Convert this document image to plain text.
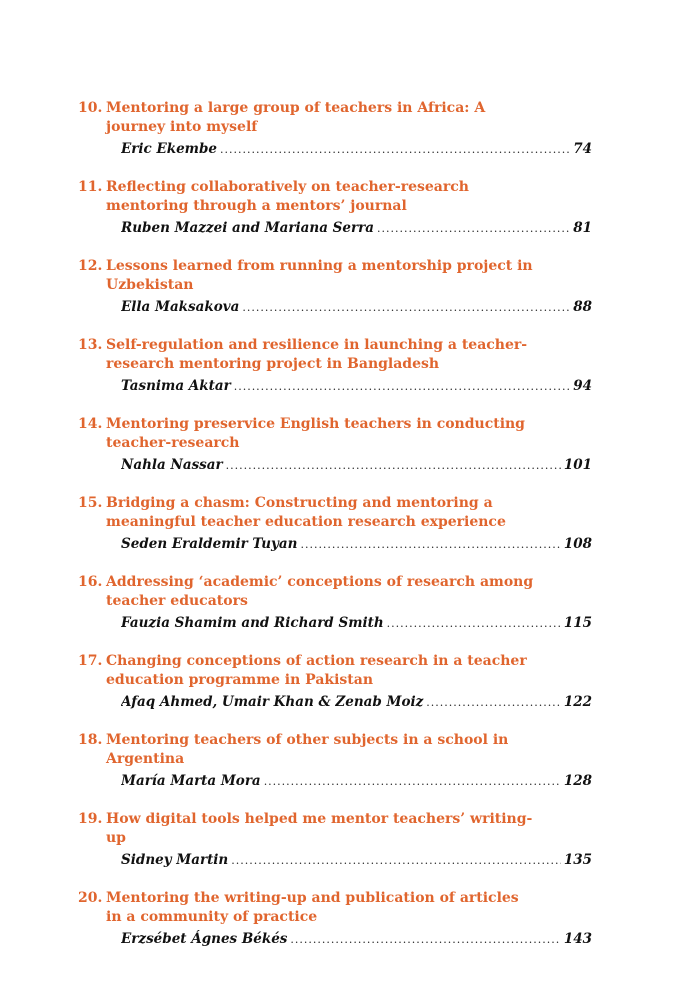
10. Mentoring a large group of teachers in Africa: A journey into myself
Eric Ekembe .....	74
11. Reflecting collaboratively on teacher-research mentoring through a mentors’ journal
Ruben Mazzei and Mariana Serra .....	81
12. Lessons learned from running a mentorship project in Uzbekistan
Ella Maksakova .....	88
13. Self-regulation and resilience in launching a teacher-research mentoring project in Bangladesh
Tasnima Aktar .....	94
14. Mentoring preservice English teachers in conducting teacher-research
Nahla Nassar .....	101
15. Bridging a chasm: Constructing and mentoring a meaningful teacher education research experience
Seden Eraldemir Tuyan .....	108
16. Addressing ‘academic’ conceptions of research among teacher educators
Fauzia Shamim and Richard Smith .....	115
17. Changing conceptions of action research in a teacher education programme in Pakistan
Afaq Ahmed, Umair Khan & Zenab Moiz .....	122
18. Mentoring teachers of other subjects in a school in Argentina
María Marta Mora .....	128
19. How digital tools helped me mentor teachers’ writing-up
Sidney Martin .....	135
20. Mentoring the writing-up and publication of articles in a community of practice
Erzsébet Ágnes Békés .....	143
